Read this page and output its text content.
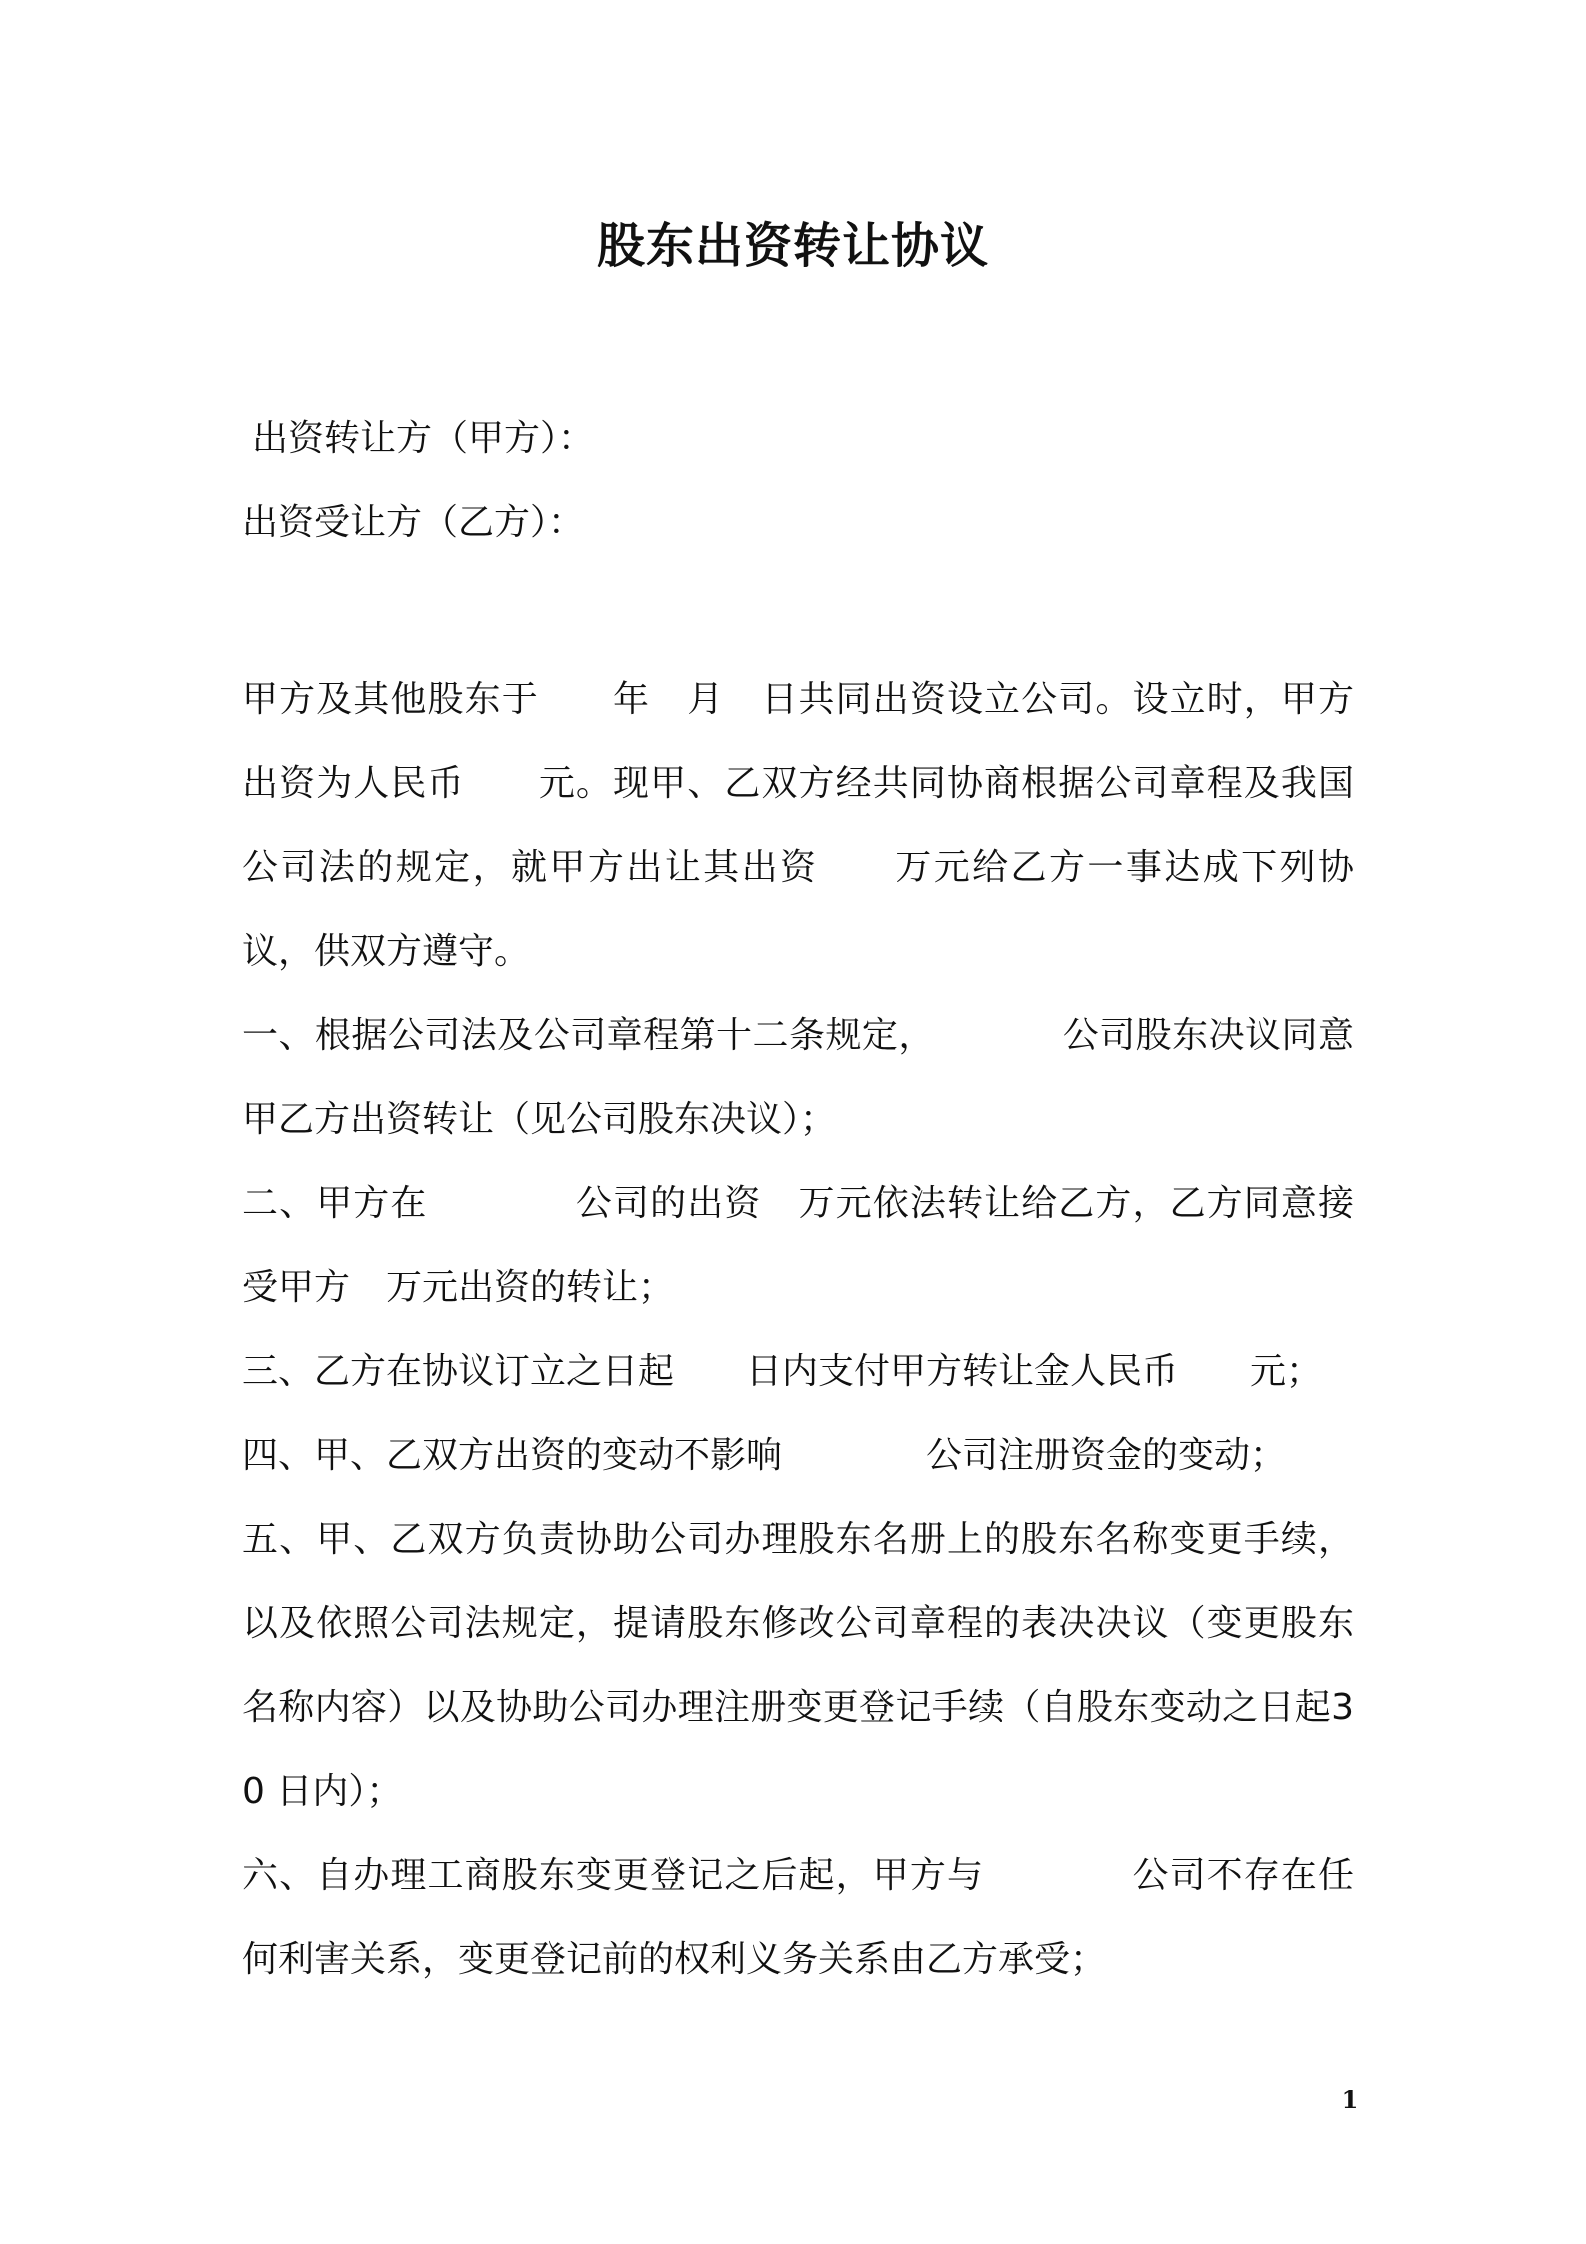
股东出资转让协议
出资转让方（甲方）：
出资受让方（乙方）：

甲方及其他股东于　　年　月　日共同出资设立公司。设立时，甲方出资为人民币　　元。现甲、乙双方经共同协商根据公司章程及我国公司法的规定，就甲方出让其出资　　万元给乙方一事达成下列协议，供双方遵守。

一、根据公司法及公司章程第十二条规定，　　　　公司股东决议同意甲乙方出资转让（见公司股东决议）；

二、甲方在　　　　公司的出资　万元依法转让给乙方，乙方同意接受甲方　万元出资的转让；

三、乙方在协议订立之日起　　日内支付甲方转让金人民币　　元；

四、甲、乙双方出资的变动不影响　　　　公司注册资金的变动；

五、甲、乙双方负责协助公司办理股东名册上的股东名称变更手续，以及依照公司法规定，提请股东修改公司章程的表决决议（变更股东名称内容）以及协助公司办理注册变更登记手续（自股东变动之日起30 日内）；

六、自办理工商股东变更登记之后起，甲方与　　　　公司不存在任何利害关系，变更登记前的权利义务关系由乙方承受；

1
